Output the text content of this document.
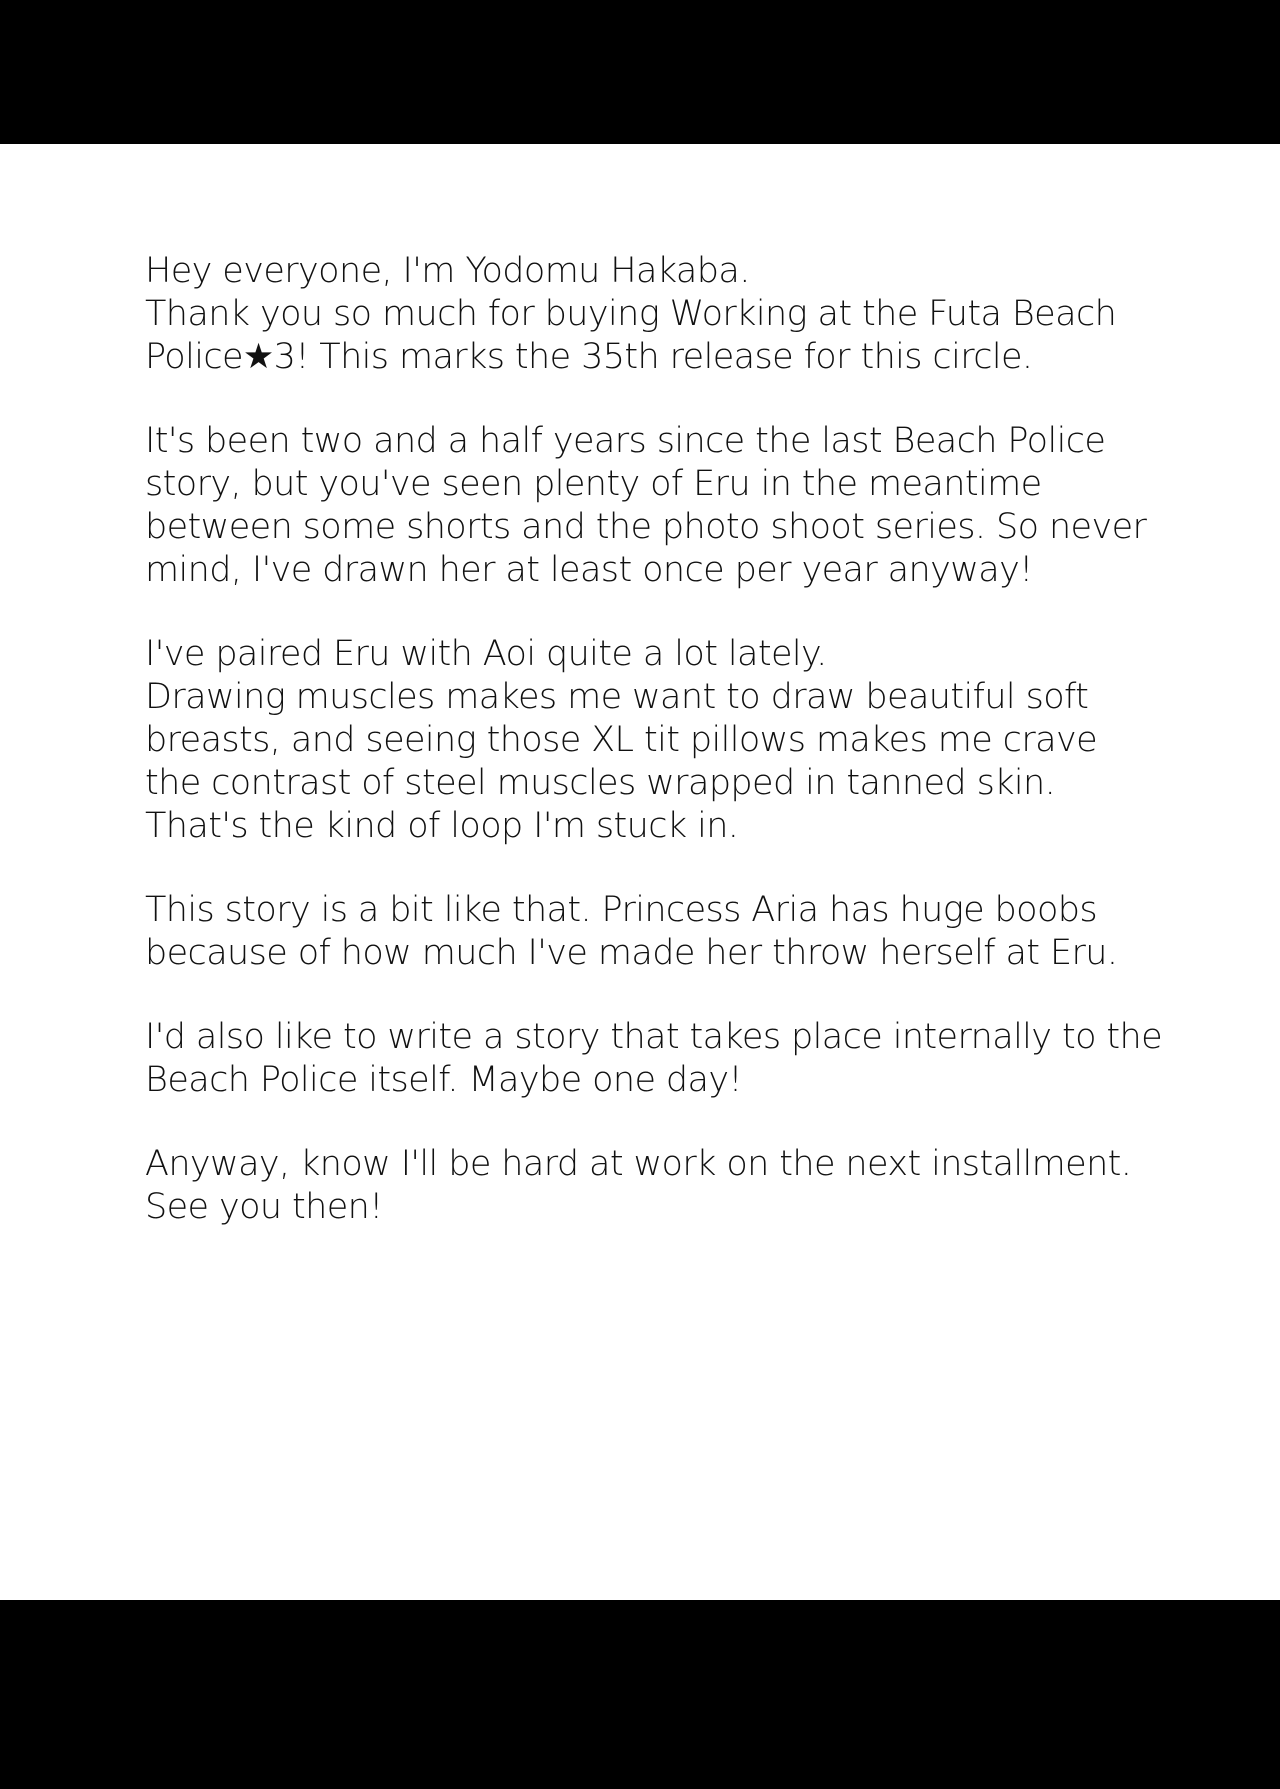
Hey everyone, I'm Yodomu Hakaba.
Thank you so much for buying Working at the Futa Beach
Police★3! This marks the 35th release for this circle.
It's been two and a half years since the last Beach Police
story, but you've seen plenty of Eru in the meantime
between some shorts and the photo shoot series. So never
mind, I've drawn her at least once per year anyway!
I've paired Eru with Aoi quite a lot lately.
Drawing muscles makes me want to draw beautiful soft
breasts, and seeing those XL tit pillows makes me crave
the contrast of steel muscles wrapped in tanned skin.
That's the kind of loop I'm stuck in.
This story is a bit like that. Princess Aria has huge boobs
because of how much I've made her throw herself at Eru.
I'd also like to write a story that takes place internally to the
Beach Police itself. Maybe one day!
Anyway, know I'll be hard at work on the next installment.
See you then!
